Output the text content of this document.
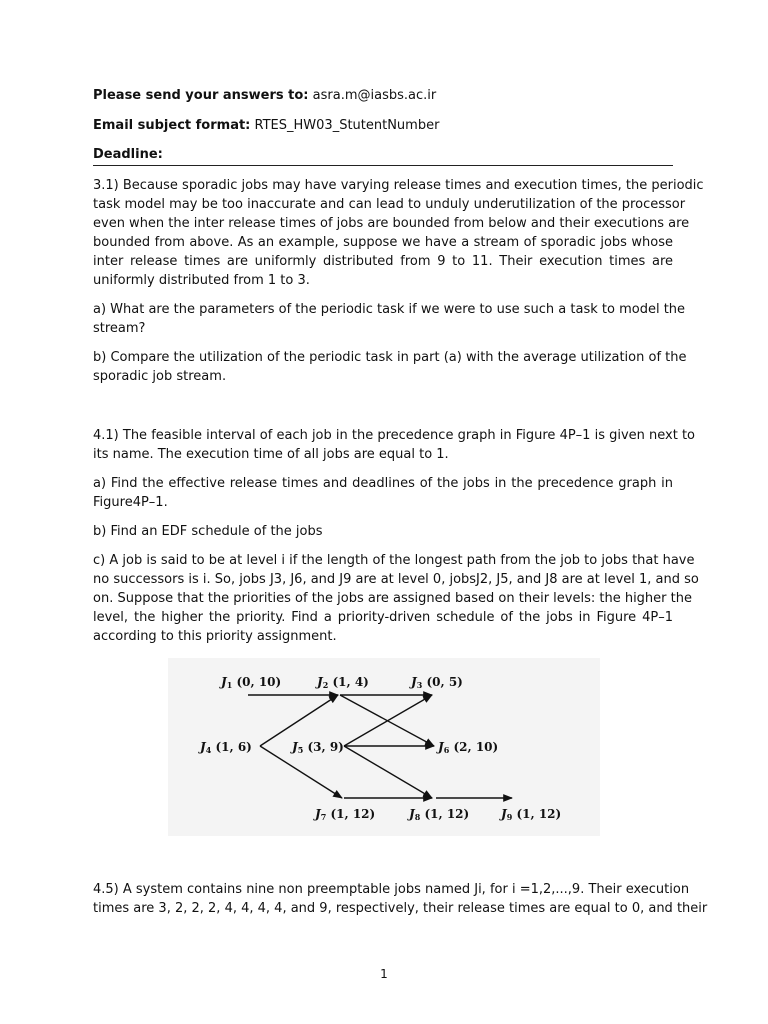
Please send your answers to: asra.m@iasbs.ac.ir
Email subject format: RTES_HW03_StutentNumber
Deadline:
3.1) Because sporadic jobs may have varying release times and execution times, the periodic
task model may be too inaccurate and can lead to unduly underutilization of the processor
even when the inter release times of jobs are bounded from below and their executions are
bounded from above. As an example, suppose we have a stream of sporadic jobs whose
inter release times are uniformly distributed from 9 to 11. Their execution times are
uniformly distributed from 1 to 3.
a) What are the parameters of the periodic task if we were to use such a task to model the
stream?
b) Compare the utilization of the periodic task in part (a) with the average utilization of the
sporadic job stream.
4.1) The feasible interval of each job in the precedence graph in Figure 4P–1 is given next to
its name. The execution time of all jobs are equal to 1.
a) Find the effective release times and deadlines of the jobs in the precedence graph in
Figure4P–1.
b) Find an EDF schedule of the jobs
c) A job is said to be at level i if the length of the longest path from the job to jobs that have
no successors is i. So, jobs J3, J6, and J9 are at level 0, jobsJ2, J5, and J8 are at level 1, and so
on. Suppose that the priorities of the jobs are assigned based on their levels: the higher the
level, the higher the priority. Find a priority-driven schedule of the jobs in Figure 4P–1
according to this priority assignment.
$J_1$ (0, 10)	$J_2$ (1, 4)	$J_3$ (0, 5)
$J_4$ (1, 6)	$J_5$ (3, 9)	$J_6$ (2, 10)
$J_7$ (1, 12)	$J_8$ (1, 12)	$J_9$ (1, 12)
4.5) A system contains nine non preemptable jobs named Ji, for i =1,2,...,9. Their execution
times are 3, 2, 2, 2, 4, 4, 4, 4, and 9, respectively, their release times are equal to 0, and their
1
